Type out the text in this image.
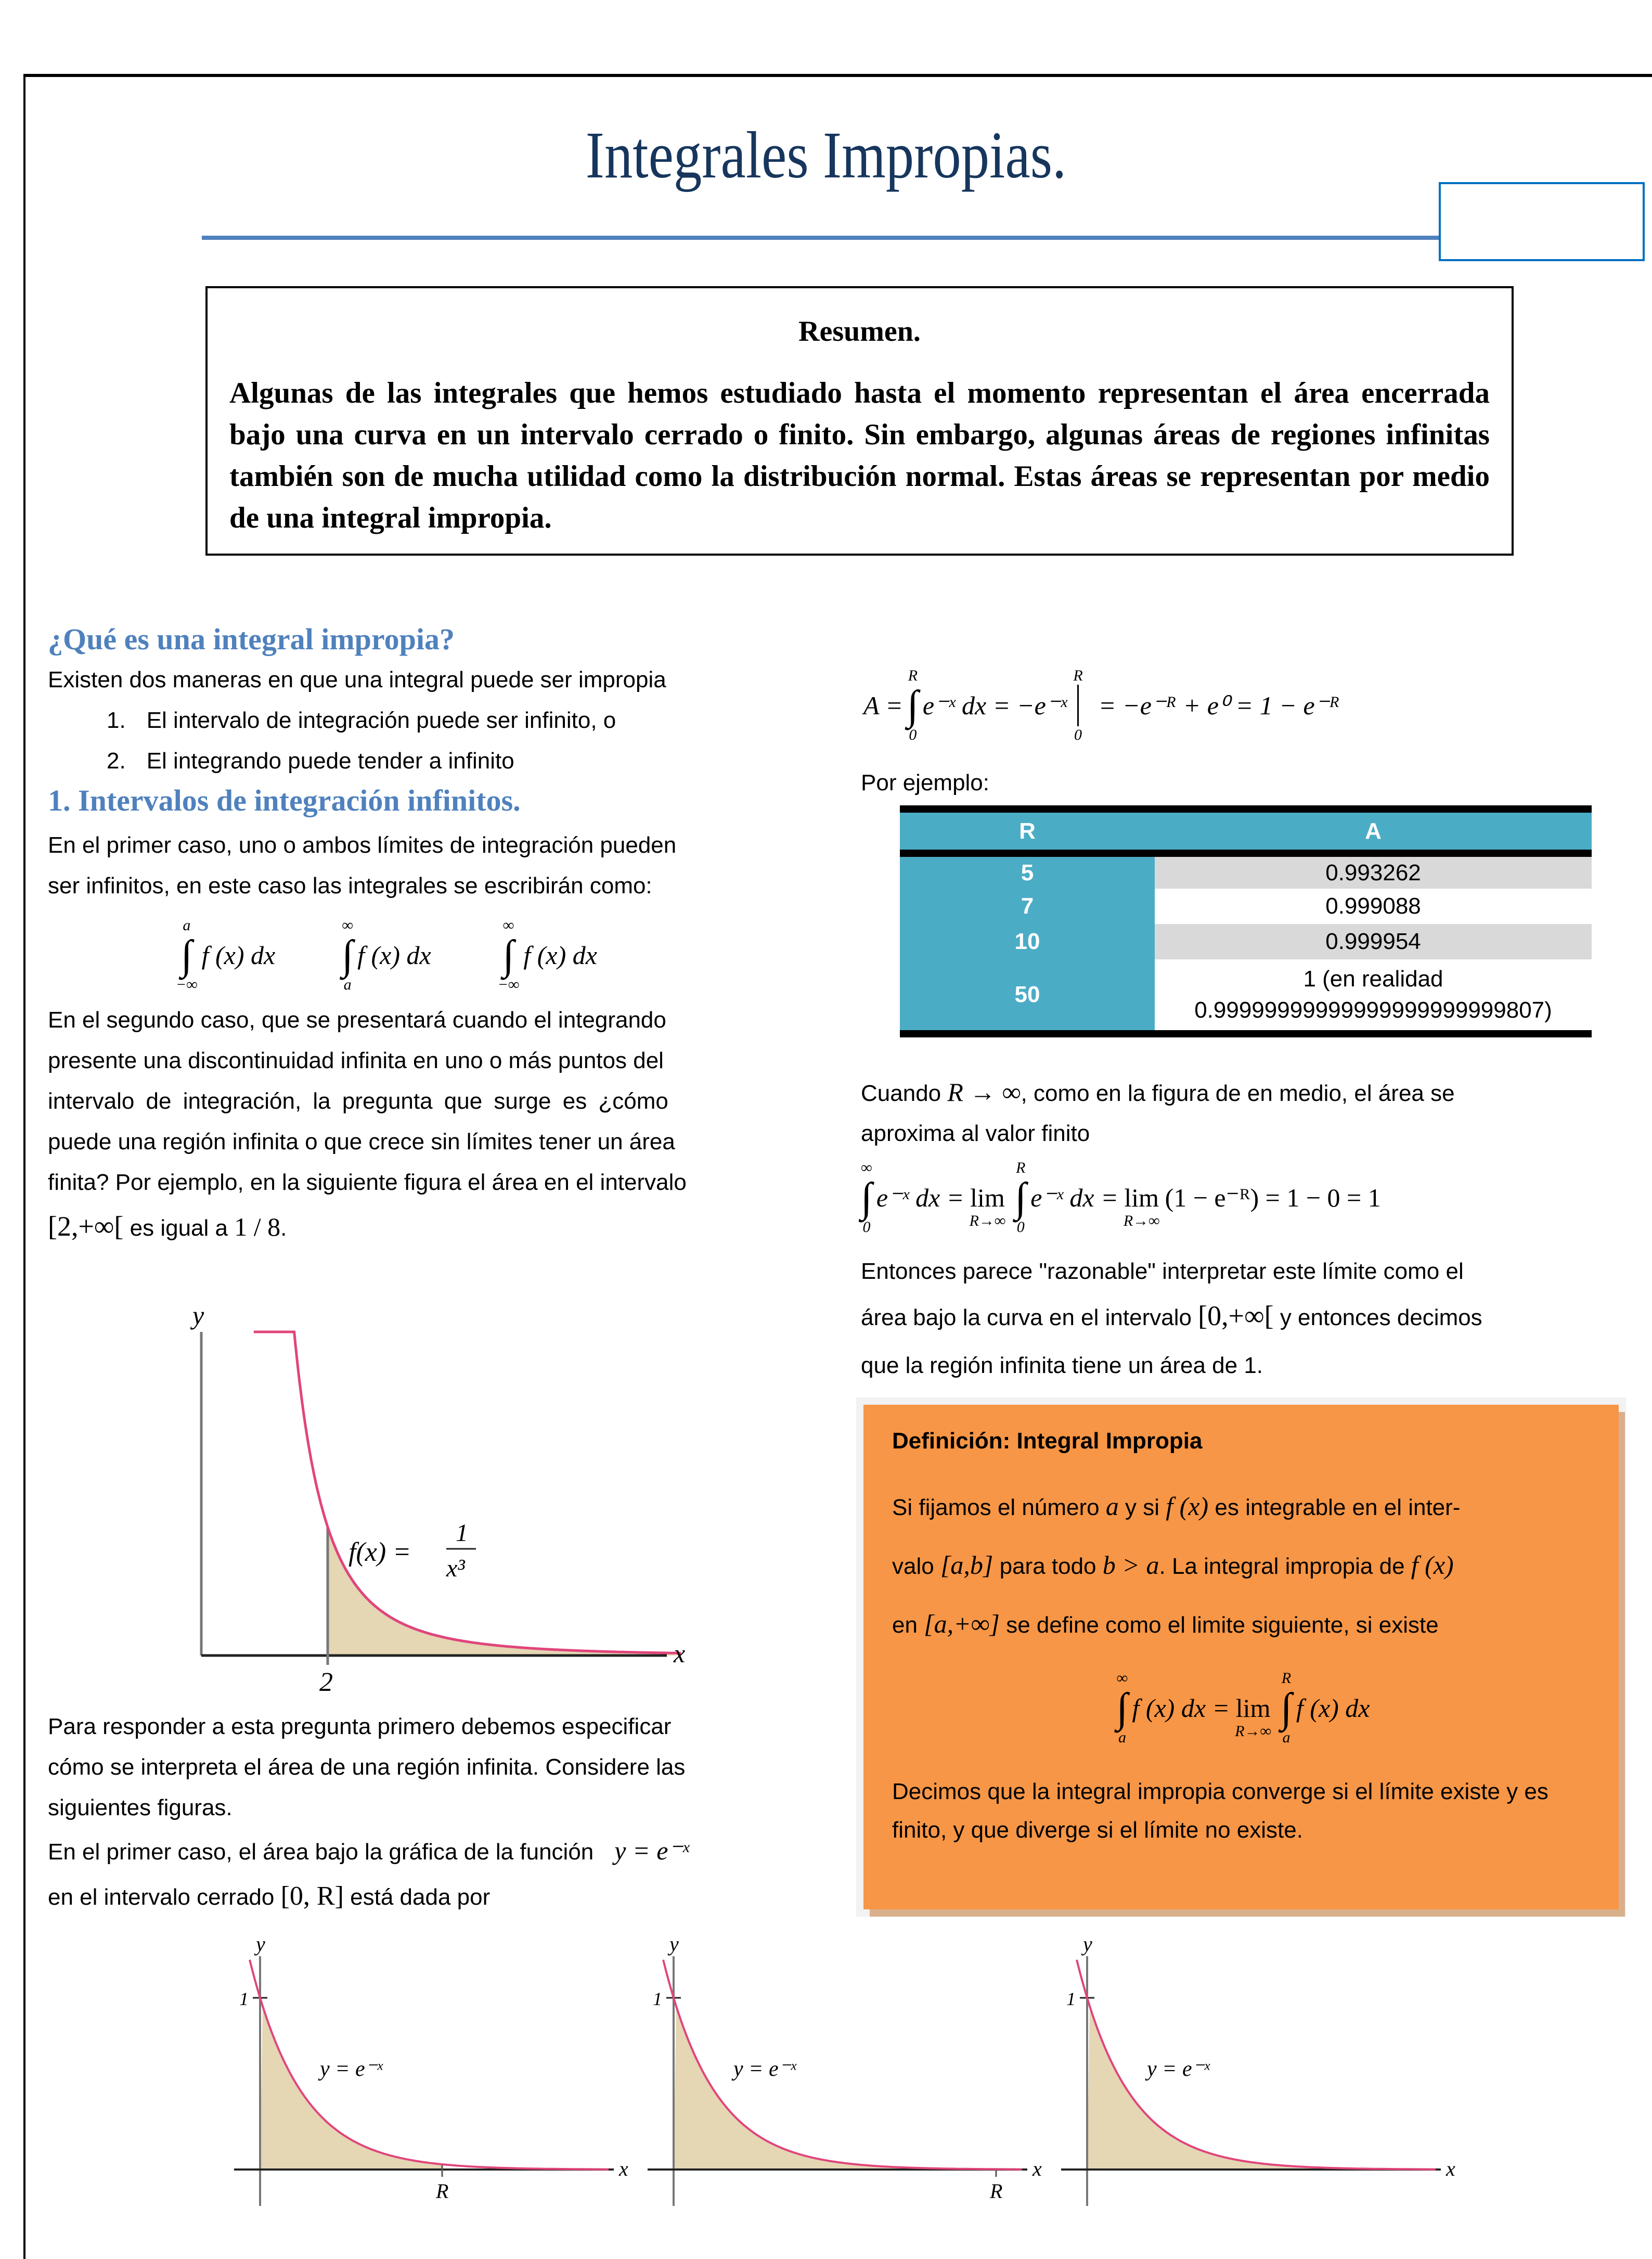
Integrales Impropias.
Resumen.

Algunas de las integrales que hemos estudiado hasta el momento representan el área encerrada bajo una curva en un intervalo cerrado o finito. Sin embargo, algunas áreas de regiones infinitas también son de mucha utilidad como la distribución normal. Estas áreas se representan por medio de una integral impropia.

¿Qué es una integral impropia?
Existen dos maneras en que una integral puede ser impropia
1. El intervalo de integración puede ser infinito, o
2. El integrando puede tender a infinito
1. Intervalos de integración infinitos.
En el primer caso, uno o ambos límites de integración pueden
ser infinitos, en este caso las integrales se escribirán como:
a
∫
−∞
f (x) dx
∞
∫
a
f (x) dx
∞
∫
−∞
f (x) dx
En el segundo caso, que se presentará cuando el integrando
presente una discontinuidad infinita en uno o más puntos del
intervalo de integración, la pregunta que surge es ¿cómo
puede una región infinita o que crece sin límites tener un área
finita? Por ejemplo, en la siguiente figura el área en el intervalo
[2,+∞[ es igual a 1 / 8.
y
x
2
f(x) =
1
x³
Para responder a esta pregunta primero debemos especificar
cómo se interpreta el área de una región infinita. Considere las
siguientes figuras.
En el primer caso, el área bajo la gráfica de la función y = e⁻ˣ
en el intervalo cerrado [0, R] está dada por
y
x
1
y = e⁻ˣ
R
y
x
1
y = e⁻ˣ
R
y
x
1
y = e⁻ˣ
A =
R
∫
0
e⁻ˣ dx = −e⁻ˣ
R
0
= −e⁻ᴿ + e⁰ = 1 − e⁻ᴿ
Por ejemplo:
R	A
5	0.993262
7	0.999088
10	0.999954
50	1 (en realidad 0.99999999999999999999999807)
Cuando R → ∞, como en la figura de en medio, el área se
aproxima al valor finito
∞
∫
0
e⁻ˣ dx = lim
R→∞
R
∫
0
e⁻ˣ dx = lim
R→∞
(1 − e⁻ᴿ) = 1 − 0 = 1
Entonces parece "razonable" interpretar este límite como el
área bajo la curva en el intervalo [0,+∞[ y entonces decimos
que la región infinita tiene un área de 1.
Definición: Integral Impropia
Si fijamos el número a y si f (x) es integrable en el inter-
valo [a,b] para todo b > a. La integral impropia de f (x)
en [a,+∞] se define como el limite siguiente, si existe
∞
∫
a
f (x) dx = lim
R→∞
R
∫
a
f (x) dx
Decimos que la integral impropia converge si el límite existe y es finito, y que diverge si el límite no existe.
